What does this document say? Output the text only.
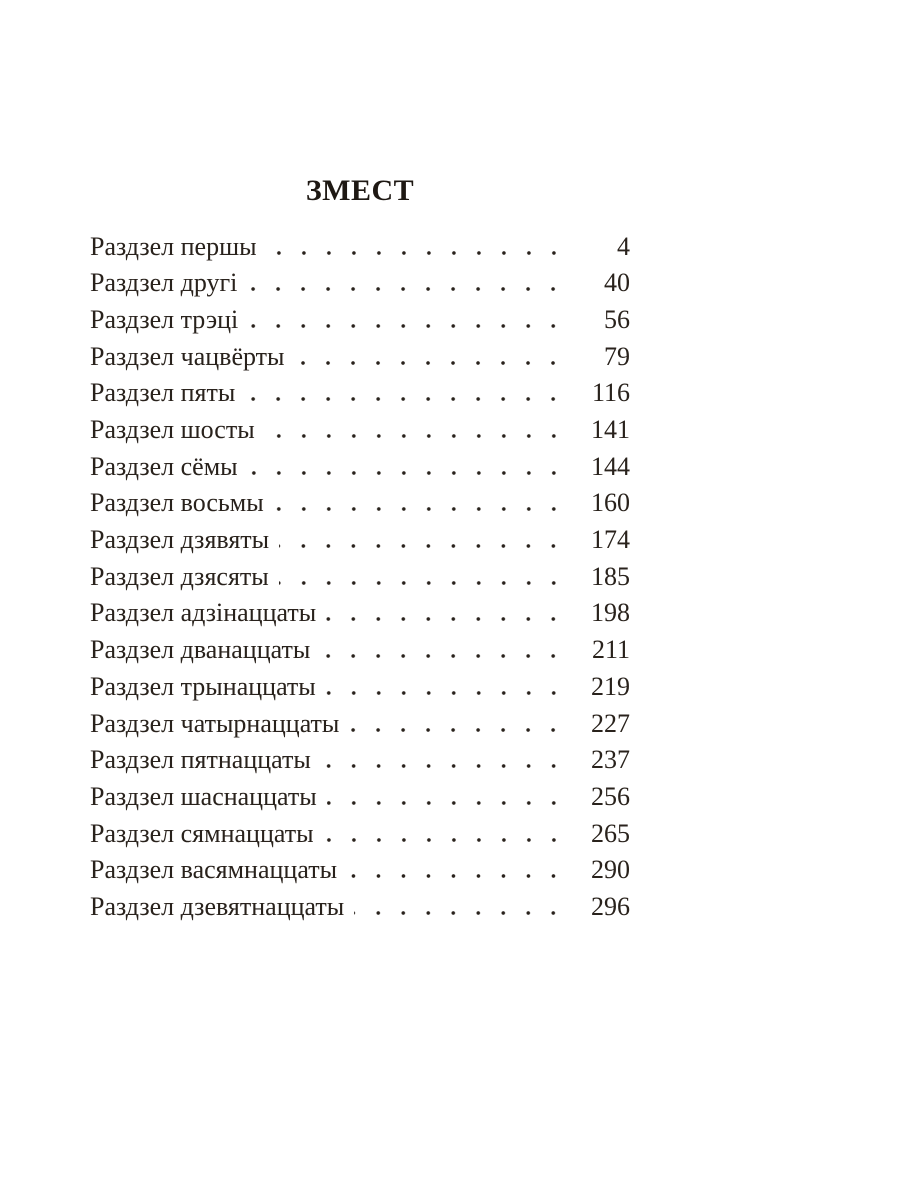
ЗМЕСТ
Раздзел першы	4
Раздзел другі	40
Раздзел трэці	56
Раздзел чацвёрты	79
Раздзел пяты	116
Раздзел шосты	141
Раздзел сёмы	144
Раздзел восьмы	160
Раздзел дзявяты	174
Раздзел дзясяты	185
Раздзел адзінаццаты	198
Раздзел дванаццаты	211
Раздзел трынаццаты	219
Раздзел чатырнаццаты	227
Раздзел пятнаццаты	237
Раздзел шаснаццаты	256
Раздзел сямнаццаты	265
Раздзел васямнаццаты	290
Раздзел дзевятнаццаты	296
